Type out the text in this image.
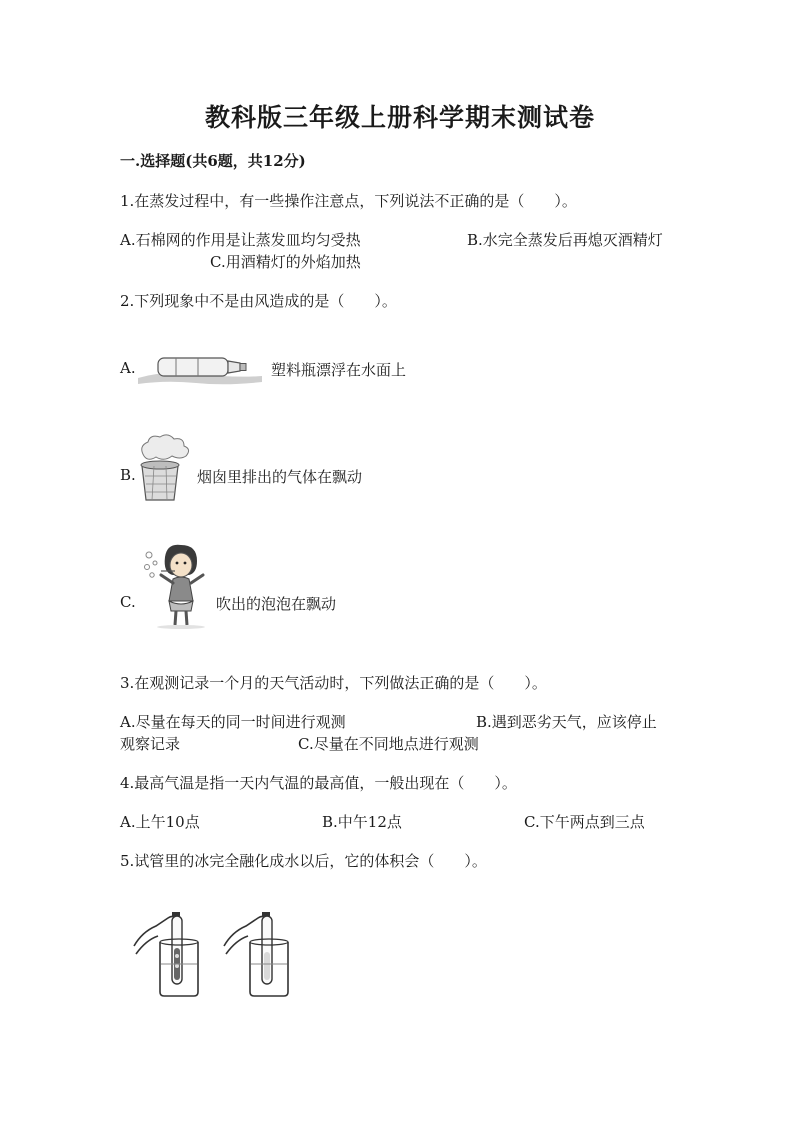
教科版三年级上册科学期末测试卷
一.选择题(共6题，共12分)
1.在蒸发过程中，有一些操作注意点，下列说法不正确的是（　　）。
A.石棉网的作用是让蒸发皿均匀受热	B.水完全蒸发后再熄灭酒精灯
C.用酒精灯的外焰加热
2.下列现象中不是由风造成的是（　　）。
A.	塑料瓶漂浮在水面上
B.	烟囱里排出的气体在飘动
C.	吹出的泡泡在飘动
3.在观测记录一个月的天气活动时，下列做法正确的是（　　）。
A.尽量在每天的同一时间进行观测	B.遇到恶劣天气，应该停止
观察记录	C.尽量在不同地点进行观测
4.最高气温是指一天内气温的最高值，一般出现在（　　）。
A.上午10点	B.中午12点	C.下午两点到三点
5.试管里的冰完全融化成水以后，它的体积会（　　）。
